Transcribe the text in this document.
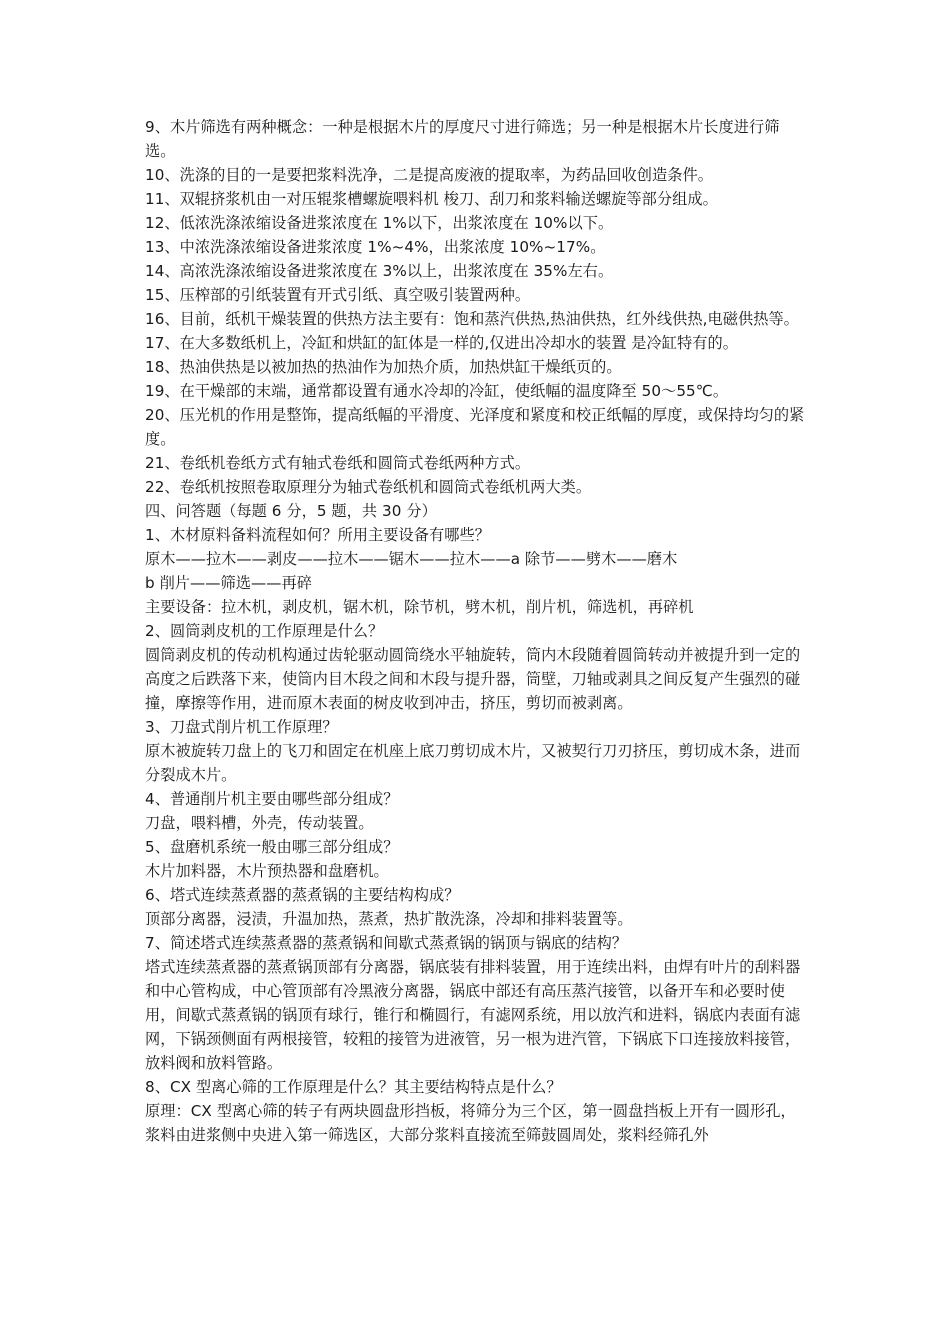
9、木片筛选有两种概念：一种是根据木片的厚度尺寸进行筛选；另一种是根据木片长度进行筛选。

10、洗涤的目的一是要把浆料洗净，二是提高废液的提取率，为药品回收创造条件。

11、双辊挤浆机由一对压辊浆槽螺旋喂料机 梭刀、刮刀和浆料输送螺旋等部分组成。

12、低浓洗涤浓缩设备进浆浓度在 1%以下，出浆浓度在 10%以下。

13、中浓洗涤浓缩设备进浆浓度 1%~4%，出浆浓度 10%~17%。

14、高浓洗涤浓缩设备进浆浓度在 3%以上，出浆浓度在 35%左右。

15、压榨部的引纸装置有开式引纸、真空吸引装置两种。

16、目前，纸机干燥装置的供热方法主要有：饱和蒸汽供热,热油供热，红外线供热,电磁供热等。

17、在大多数纸机上，冷缸和烘缸的缸体是一样的,仅进出冷却水的装置 是冷缸特有的。

18、热油供热是以被加热的热油作为加热介质，加热烘缸干燥纸页的。

19、在干燥部的末端，通常都设置有通水冷却的冷缸，使纸幅的温度降至 50～55℃。

20、压光机的作用是整饰，提高纸幅的平滑度、光泽度和紧度和校正纸幅的厚度，或保持均匀的紧度。

21、卷纸机卷纸方式有轴式卷纸和圆筒式卷纸两种方式。

22、卷纸机按照卷取原理分为轴式卷纸机和圆筒式卷纸机两大类。

四、问答题（每题 6 分，5 题，共 30 分）

1、木材原料备料流程如何？所用主要设备有哪些？

原木——拉木——剥皮——拉木——锯木——拉木——a 除节——劈木——磨木

b 削片——筛选——再碎

主要设备：拉木机，剥皮机，锯木机，除节机，劈木机，削片机，筛选机，再碎机

2、圆筒剥皮机的工作原理是什么？

圆筒剥皮机的传动机构通过齿轮驱动圆筒绕水平轴旋转，筒内木段随着圆筒转动并被提升到一定的高度之后跌落下来，使筒内目木段之间和木段与提升器，筒壁，刀轴或剥具之间反复产生强烈的碰撞，摩擦等作用，进而原木表面的树皮收到冲击，挤压，剪切而被剥离。

3、刀盘式削片机工作原理？

原木被旋转刀盘上的飞刀和固定在机座上底刀剪切成木片，又被契行刀刃挤压，剪切成木条，进而分裂成木片。

4、普通削片机主要由哪些部分组成？

刀盘，喂料槽，外壳，传动装置。

5、盘磨机系统一般由哪三部分组成？

木片加料器，木片预热器和盘磨机。

6、塔式连续蒸煮器的蒸煮锅的主要结构构成？

顶部分离器，浸渍，升温加热，蒸煮，热扩散洗涤，冷却和排料装置等。

7、简述塔式连续蒸煮器的蒸煮锅和间歇式蒸煮锅的锅顶与锅底的结构？

塔式连续蒸煮器的蒸煮锅顶部有分离器，锅底装有排料装置，用于连续出料，由焊有叶片的刮料器和中心管构成，中心管顶部有冷黑液分离器，锅底中部还有高压蒸汽接管，以备开车和必要时使用，间歇式蒸煮锅的锅顶有球行，锥行和椭圆行，有滤网系统，用以放汽和进料，锅底内表面有滤网，下锅颈侧面有两根接管，较粗的接管为进液管，另一根为进汽管，下锅底下口连接放料接管，放料阀和放料管路。

8、CX 型离心筛的工作原理是什么？其主要结构特点是什么？

原理：CX 型离心筛的转子有两块圆盘形挡板，将筛分为三个区，第一圆盘挡板上开有一圆形孔，浆料由进浆侧中央进入第一筛选区，大部分浆料直接流至筛鼓圆周处，浆料经筛孔外
